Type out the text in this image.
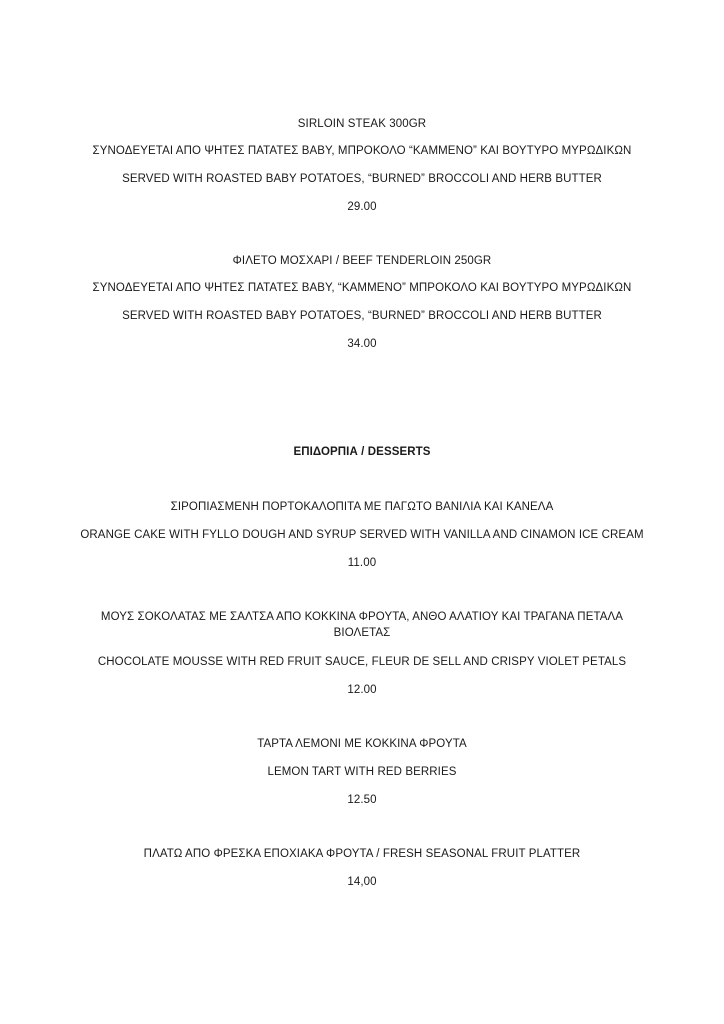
SIRLOIN STEAK 300GR
ΣΥΝΟΔΕΥΕΤΑΙ ΑΠΟ ΨΗΤΕΣ ΠΑΤΑΤΕΣ BABY, ΜΠΡΟΚΟΛΟ “ΚΑΜΜΕΝΟ” ΚΑΙ ΒΟΥΤΥΡΟ ΜΥΡΩΔΙΚΩΝ
SERVED WITH ROASTED BABY POTATOES, “BURNED” BROCCOLI AND HERB BUTTER
29.00
ΦΙΛΕΤΟ ΜΟΣΧΑΡΙ / BEEF TENDERLOIN 250GR
ΣΥΝΟΔΕΥΕΤΑΙ ΑΠΟ ΨΗΤΕΣ ΠΑΤΑΤΕΣ BABY, “ΚΑΜΜΕΝΟ” ΜΠΡΟΚΟΛΟ ΚΑΙ ΒΟΥΤΥΡΟ ΜΥΡΩΔΙΚΩΝ
SERVED WITH ROASTED BABY POTATOES, “BURNED” BROCCOLI AND HERB BUTTER
34.00
ΕΠΙΔΟΡΠΙΑ / DESSERTS
ΣΙΡΟΠΙΑΣΜΕΝΗ ΠΟΡΤΟΚΑΛΟΠΙΤΑ ΜΕ ΠΑΓΩΤΟ ΒΑΝΙΛΙΑ ΚΑΙ ΚΑΝΕΛΑ
ORANGE CAKE WITH FYLLO DOUGH AND SYRUP SERVED WITH VANILLA AND CINAMON ICE CREAM
11.00
ΜΟΥΣ ΣΟΚΟΛΑΤΑΣ ΜΕ ΣΑΛΤΣΑ ΑΠΟ ΚΟΚΚΙΝΑ ΦΡΟΥΤΑ, ΑΝΘΟ ΑΛΑΤΙΟΥ ΚΑΙ ΤΡΑΓΑΝΑ ΠΕΤΑΛΑ ΒΙΟΛΕΤΑΣ
CHOCOLATE MOUSSE WITH RED FRUIT SAUCE, FLEUR DE SELL AND CRISPY VIOLET PETALS
12.00
ΤΑΡΤΑ ΛΕΜΟΝΙ ΜΕ ΚΟΚΚΙΝΑ ΦΡΟΥΤΑ
LEMON TART WITH RED BERRIES
12.50
ΠΛΑΤΩ ΑΠΟ ΦΡΕΣΚΑ ΕΠΟΧΙΑΚΑ ΦΡΟΥΤΑ / FRESH SEASONAL FRUIT PLATTER
14,00
